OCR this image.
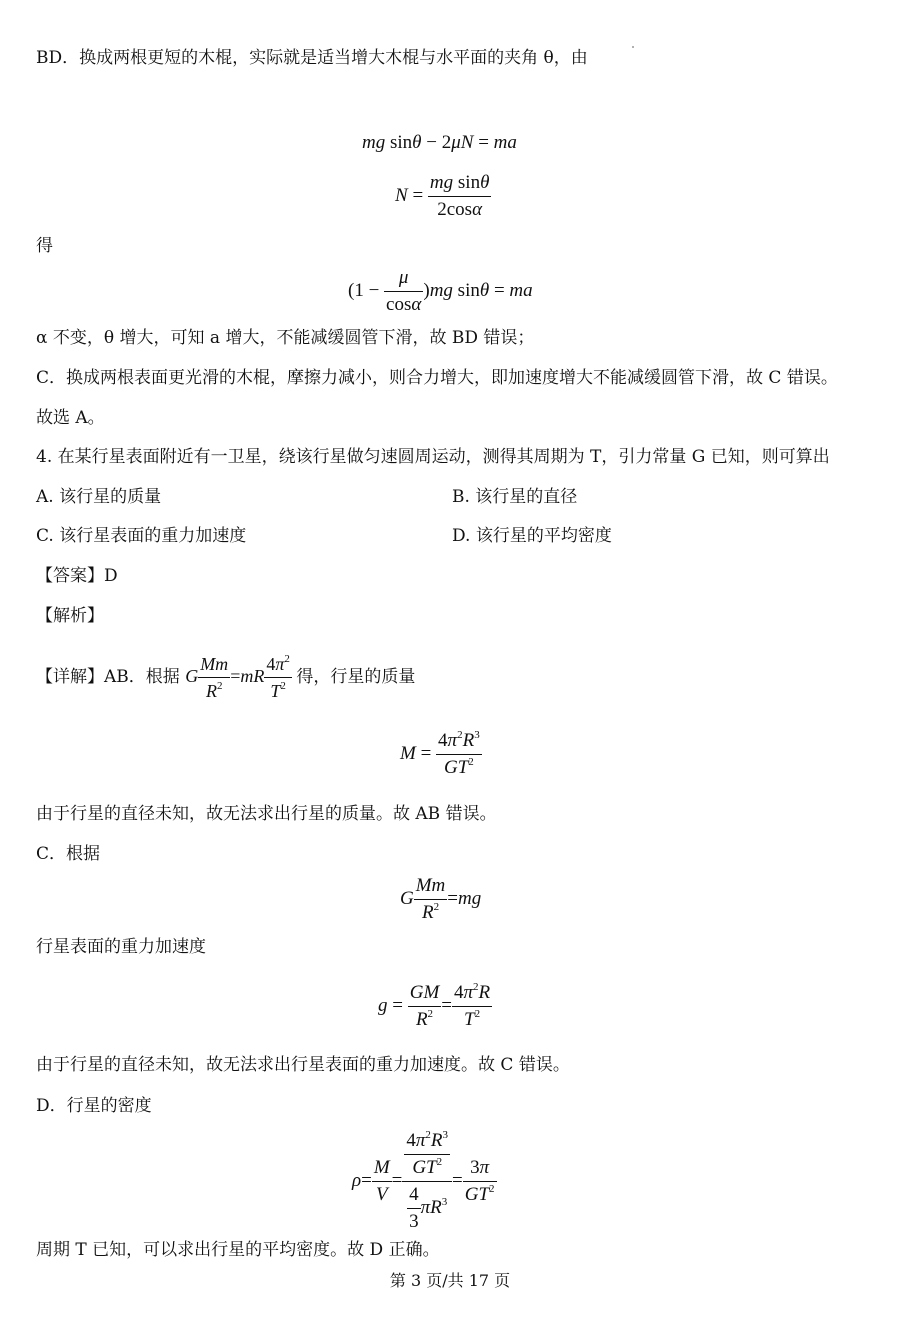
BD．换成两根更短的木棍，实际就是适当增大木棍与水平面的夹角 θ，由
mg sinθ − 2μN = ma
$N = \frac{\text{mg sinθ}}{2\cos\alpha}$
得
$(1 - \frac{\mu}{\cos\alpha} )mg$ sinθ = ma
α 不变，θ 增大，可知 a 增大，不能减缓圆管下滑，故 BD 错误；
C．换成两根表面更光滑的木棍，摩擦力减小，则合力增大，即加速度增大不能减缓圆管下滑，故 C 错误。
故选 A。
4. 在某行星表面附近有一卫星，绕该行星做匀速圆周运动，测得其周期为 T，引力常量 G 已知，则可算出
A. 该行星的质量	B. 该行星的直径
C. 该行星表面的重力加速度	D. 该行星的平均密度
【答案】D
【解析】
【详解】AB．根据 G $\frac{Mm}{R^2} =mR \frac{4\pi^2}{T^2}$ 得，行星的质量
$M = \frac{4\pi^2R^3}{GT^2}$
由于行星的直径未知，故无法求出行星的质量。故 AB 错误。
C．根据
G $\frac{Mm}{R^2} =mg$
行星表面的重力加速度
$g = \frac{GM}{R^2} = \frac{4\pi^2R}{T^2}$
由于行星的直径未知，故无法求出行星表面的重力加速度。故 C 错误。
D．行星的密度
$\rho= \frac{M}{V} = \frac{\frac{4\pi^2R^3}{GT^2}}{\frac{4}{3} \pi R^3} = \frac{3\pi}{GT^2}$
周期 T 已知，可以求出行星的平均密度。故 D 正确。
第 3 页/共 17 页
